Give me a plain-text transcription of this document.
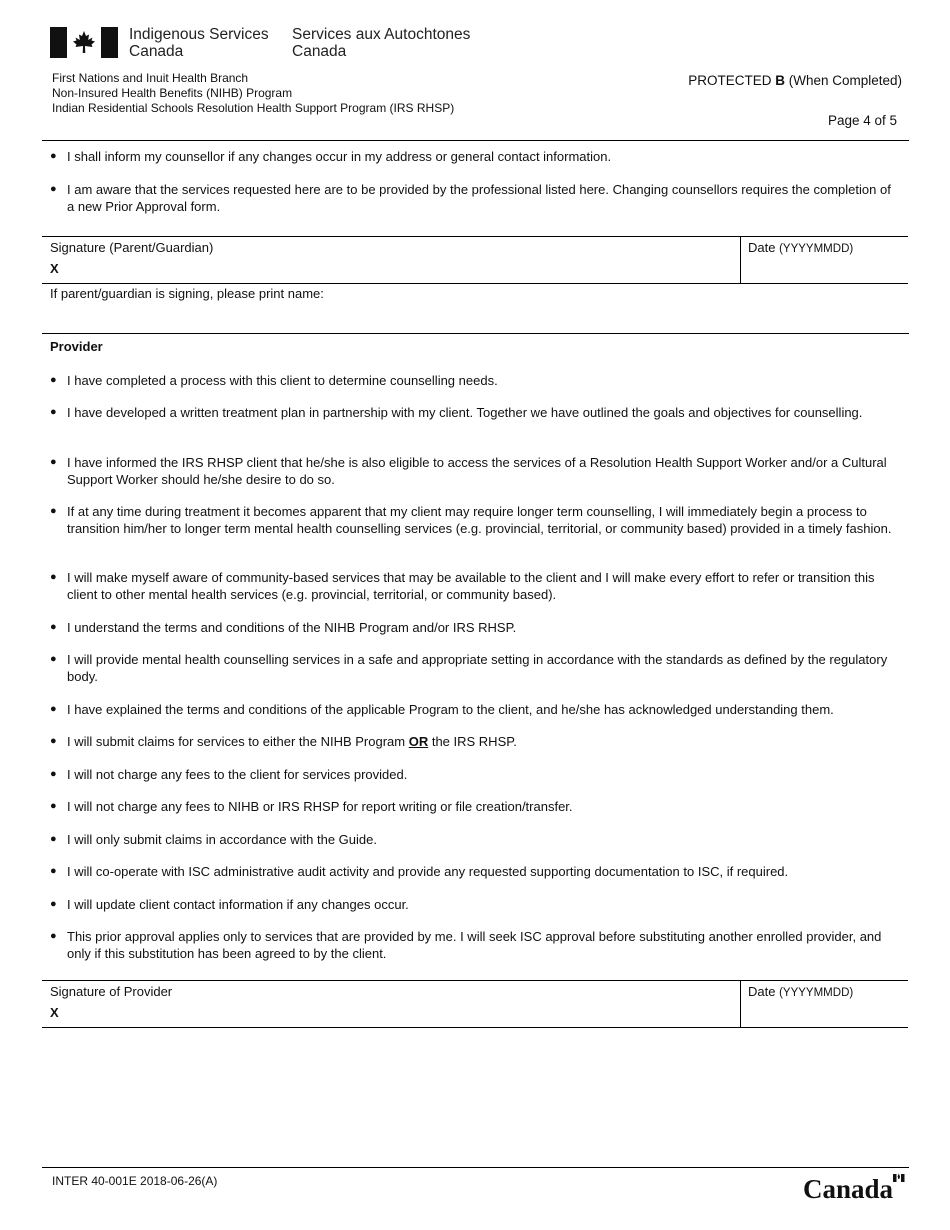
Indigenous Services
Canada
Services aux Autochtones
Canada
First Nations and Inuit Health Branch
Non-Insured Health Benefits (NIHB) Program
Indian Residential Schools Resolution Health Support Program (IRS RHSP)
PROTECTED B (When Completed)
Page 4 of 5
● I shall inform my counsellor if any changes occur in my address or general contact information.
● I am aware that the services requested here are to be provided by the professional listed here. Changing counsellors requires the completion of a new Prior Approval form.
Signature (Parent/Guardian)
X
Date (YYYYMMDD)
If parent/guardian is signing, please print name:
Provider
● I have completed a process with this client to determine counselling needs.
● I have developed a written treatment plan in partnership with my client. Together we have outlined the goals and objectives for counselling.
● I have informed the IRS RHSP client that he/she is also eligible to access the services of a Resolution Health Support Worker and/or a Cultural Support Worker should he/she desire to do so.
● If at any time during treatment it becomes apparent that my client may require longer term counselling, I will immediately begin a process to transition him/her to longer term mental health counselling services (e.g. provincial, territorial, or community based) provided in a timely fashion.
● I will make myself aware of community-based services that may be available to the client and I will make every effort to refer or transition this client to other mental health services (e.g. provincial, territorial, or community based).
● I understand the terms and conditions of the NIHB Program and/or IRS RHSP.
● I will provide mental health counselling services in a safe and appropriate setting in accordance with the standards as defined by the regulatory body.
● I have explained the terms and conditions of the applicable Program to the client, and he/she has acknowledged understanding them.
● I will submit claims for services to either the NIHB Program OR the IRS RHSP.
● I will not charge any fees to the client for services provided.
● I will not charge any fees to NIHB or IRS RHSP for report writing or file creation/transfer.
● I will only submit claims in accordance with the Guide.
● I will co-operate with ISC administrative audit activity and provide any requested supporting documentation to ISC, if required.
● I will update client contact information if any changes occur.
● This prior approval applies only to services that are provided by me. I will seek ISC approval before substituting another enrolled provider, and only if this substitution has been agreed to by the client.
Signature of Provider
X
Date (YYYYMMDD)
INTER 40-001E 2018-06-26(A)	Canada
